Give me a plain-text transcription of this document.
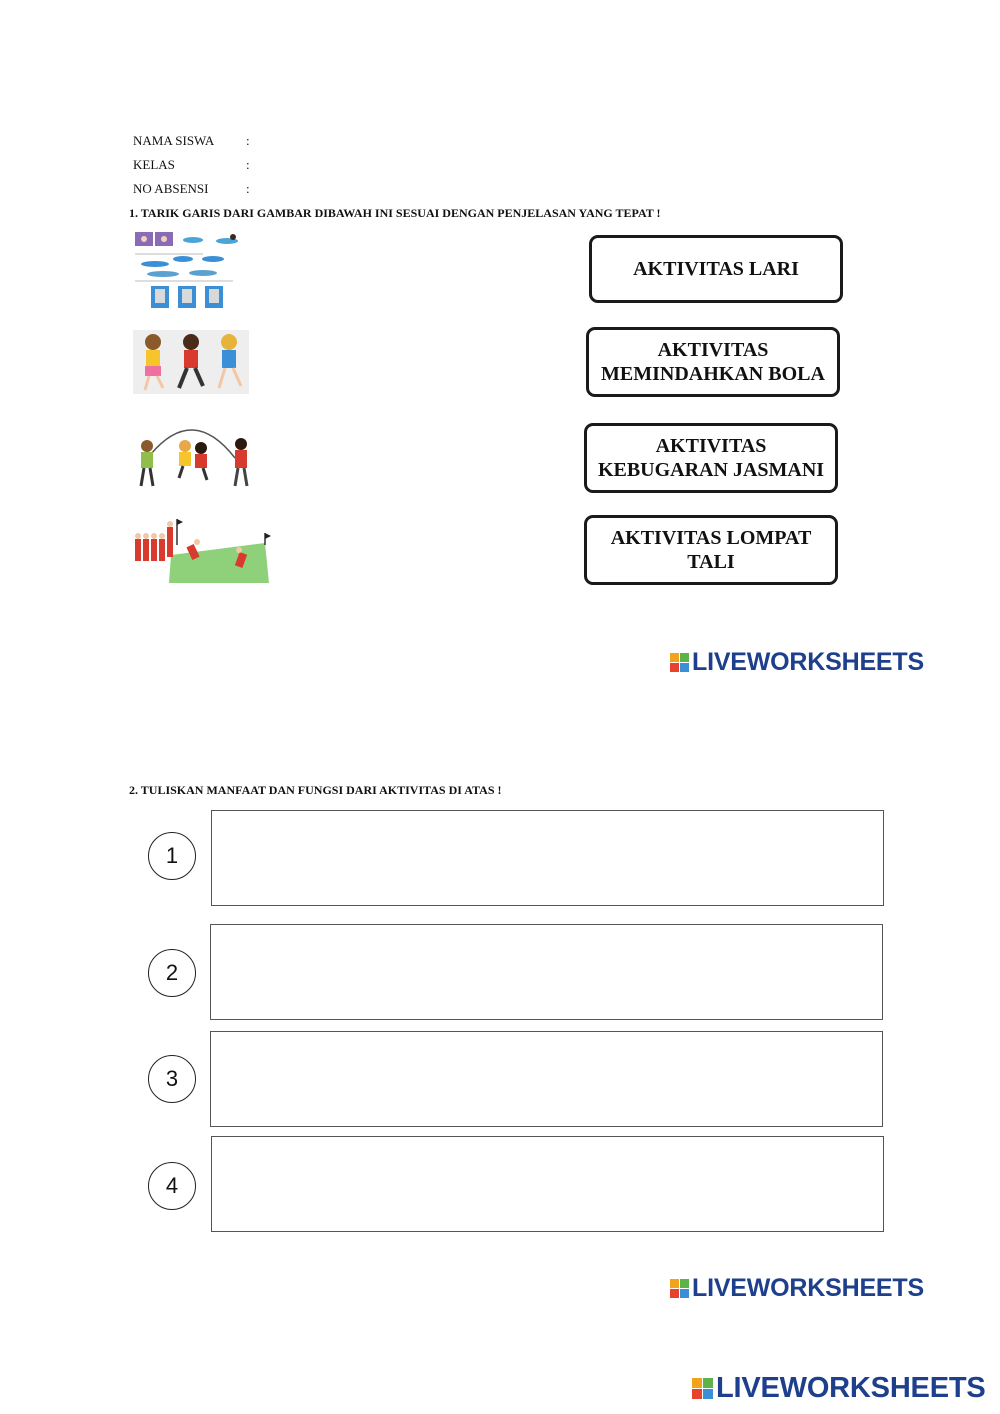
NAMA SISWA :
KELAS	:
NO ABSENSI	:
1. TARIK GARIS DARI GAMBAR DIBAWAH INI SESUAI DENGAN PENJELASAN YANG TEPAT !
AKTIVITAS LARI
AKTIVITAS MEMINDAHKAN BOLA
AKTIVITAS KEBUGARAN JASMANI
AKTIVITAS LOMPAT TALI
LIVEWORKSHEETS
2. TULISKAN MANFAAT DAN FUNGSI DARI AKTIVITAS DI ATAS !
1
2
3
4
LIVEWORKSHEETS
LIVEWORKSHEETS
